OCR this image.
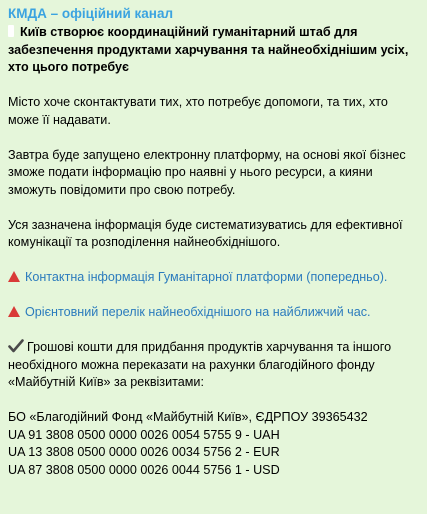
КМДА – офіційний канал
Київ створює координаційний гуманітарний штаб для забезпечення продуктами харчування та найнеобхіднішим усіх, хто цього потребує
Місто хоче сконтактувати тих, хто потребує допомоги, та тих, хто може її надавати.
Завтра буде запущено електронну платформу, на основі якої бізнес зможе подати інформацію про наявні у нього ресурси, а кияни зможуть повідомити про свою потребу.
Уся зазначена інформація буде систематизуватись для ефективної комунікації та розподілення найнеобхіднішого.
Контактна інформація Гуманітарної платформи (попередньо).
Орієнтовний перелік найнеобхіднішого на найближчий час.
Грошові кошти для придбання продуктів харчування та іншого необхідного можна переказати на рахунки благодійного фонду «Майбутній Київ» за реквізитами:
БО «Благодійний Фонд «Майбутній Київ», ЄДРПОУ 39365432
UA 91 3808 0500 0000 0026 0054 5755 9 - UAH
UA 13 3808 0500 0000 0026 0034 5756 2 - EUR
UA 87 3808 0500 0000 0026 0044 5756 1 - USD
